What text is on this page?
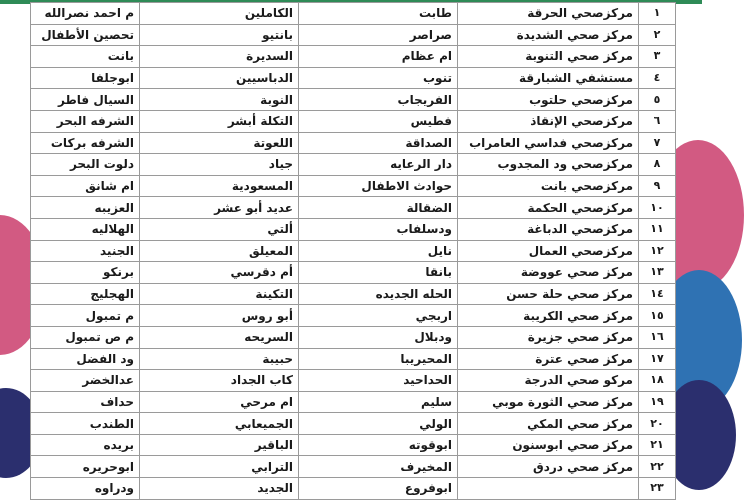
١	مركزصحي الحرقة	طابت	الكاملين	م احمد نصرالله
٢	مركز صحي الشديدة	صراصر	بانتيو	تحصين الأطفال
٣	مركز صحي التنوبة	ام عظام	السديرة	بانت
٤	مستشفي الشبارقة	تنوب	الدباسيين	ابوجلفا
٥	مركزصحي حلتوب	الفريجاب	النوبة	السيال فاطر
٦	مركزصحي الإنقاذ	فطيس	التكلة أبشر	الشرفه البحر
٧	مركزصحي فداسي العامراب	الصداقة	اللعوتة	الشرفه بركات
٨	مركزصحي ود المجدوب	دار الرعايه	جياد	دلوت البحر
٩	مركزصحي بانت	حوادث الاطفال	المسعودية	ام شانق
١٠	مركزصحي الحكمة	الضقالة	عديد أبو عشر	العزيبه
١١	مركزصحي الدباغة	ودسلفاب	ألتي	الهلاليه
١٢	مركزصحي العمال	نايل	المعيلق	الجنيد
١٣	مركز صحي عووضة	بانقا	أم دقرسي	برنكو
١٤	مركز صحي حلة حسن	الحله الجديده	التكينة	الهجليج
١٥	مركز صحي الكريبة	اربجي	أبو روس	م تمبول
١٦	مركز صحي جزيرة	ودبلال	السريحه	م ص تمبول
١٧	مركز صحي عترة	المحيريبا	حبيبة	ود الفضل
١٨	مركو صحي الدرجة	الحداحيد	كاب الجداد	عدالخضر
١٩	مركز صحي الثورة موبي	سليم	ام مرحي	حداف
٢٠	مركز صحي المكي	الولي	الجميعابي	الطندب
٢١	مركز صحي ابوسنون	ابوقوته	الباقير	بريده
٢٢	مركز صحي دردق	المخيرف	الترابي	ابوحريره
٢٣		ابوفروع	الجديد	ودراوه
